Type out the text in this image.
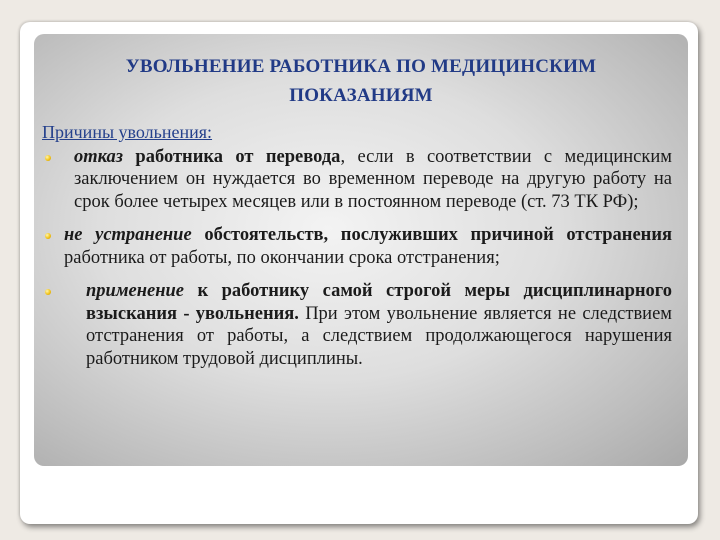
УВОЛЬНЕНИЕ РАБОТНИКА ПО МЕДИЦИНСКИМ
ПОКАЗАНИЯМ
Причины увольнения:
отказ работника от перевода, если в соответствии с медицинским заключением он нуждается во временном переводе на другую работу на срок более четырех месяцев или в постоянном переводе (ст. 73 ТК РФ);
не устранение обстоятельств, послуживших причиной отстранения работника от работы, по окончании срока отстранения;
применение к работнику самой строгой меры дисциплинарного взыскания - увольнения. При этом увольнение является не следствием отстранения от работы, а следствием продолжающегося нарушения работником трудовой дисциплины.
